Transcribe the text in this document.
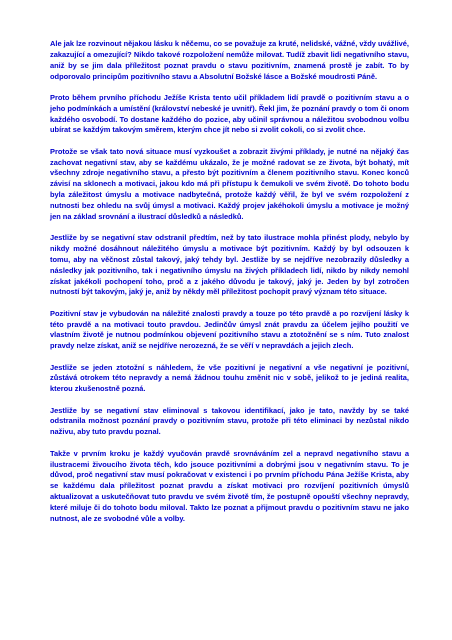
Ale jak lze rozvinout nějakou lásku k něčemu, co se považuje za kruté, nelidské, vážné, vždy uvážlivé, zakazující a omezující? Nikdo takové rozpoložení nemůže milovat. Tudíž zbavit lidi negativního stavu, aniž by se jim dala příležitost poznat pravdu o stavu pozitivním, znamená prostě je zabít. To by odporovalo principům pozitivního stavu a Absolutní Božské lásce a Božské moudrosti Páně.

Proto během prvního příchodu Ježíše Krista tento učil příkladem lidí pravdě o pozitivním stavu a o jeho podmínkách a umístění (království nebeské je uvnitř). Řekl jim, že poznání pravdy o tom či onom každého osvobodí. To dostane každého do pozice, aby učinil správnou a náležitou svobodnou volbu ubírat se každým takovým směrem, kterým chce jít nebo si zvolit cokoli, co si zvolit chce.

Protože se však tato nová situace musí vyzkoušet a zobrazit živými příklady, je nutné na nějaký čas zachovat negativní stav, aby se každému ukázalo, že je možné radovat se ze života, být bohatý, mít všechny zdroje negativního stavu, a přesto být pozitivním a členem pozitivního stavu. Konec konců závisí na sklonech a motivaci, jakou kdo má při přístupu k čemukoli ve svém životě. Do tohoto bodu byla záležitost úmyslu a motivace nadbytečná, protože každý věřil, že byl ve svém rozpoložení z nutnosti bez ohledu na svůj úmysl a motivaci. Každý projev jakéhokoli úmyslu a motivace je možný jen na základ srovnání a ilustrací důsledků a následků.

Jestliže by se negativní stav odstranil předtím, než by tato ilustrace mohla přinést plody, nebylo by nikdy možné dosáhnout náležitého úmyslu a motivace být pozitivním. Každý by byl odsouzen k tomu, aby na věčnost zůstal takový, jaký tehdy byl. Jestliže by se nejdříve nezobrazily důsledky a následky jak pozitivního, tak i negativního úmyslu na živých příkladech lidí, nikdo by nikdy nemohl získat jakékoli pochopení toho, proč a z jakého důvodu je takový, jaký je. Jeden by byl zotročen nutností být takovým, jaký je, aniž by někdy měl příležitost pochopit pravý význam této situace.

Pozitivní stav je vybudován na náležité znalosti pravdy a touze po této pravdě a po rozvíjení lásky k této pravdě a na motivaci touto pravdou. Jedinčův úmysl znát pravdu za účelem jejího použití ve vlastním životě je nutnou podmínkou objevení pozitivního stavu a ztotožnění se s ním. Tuto znalost pravdy nelze získat, aniž se nejdříve nerozezná, že se věří v nepravdách a jejich zlech.

Jestliže se jeden ztotožní s náhledem, že vše pozitivní je negativní a vše negativní je pozitivní, zůstává otrokem této nepravdy a nemá žádnou touhu změnit nic v sobě, jelikož to je jediná realita, kterou zkušenostně pozná.

Jestliže by se negativní stav eliminoval s takovou identifikací, jako je tato, navždy by se také odstranila možnost poznání pravdy o pozitivním stavu, protože při této eliminaci by nezůstal nikdo naživu, aby tuto pravdu poznal.

Takže v prvním kroku je každý vyučován pravdě srovnáváním zel a nepravd negativního stavu a ilustracemi živoucího života těch, kdo jsouce pozitivními a dobrými jsou v negativním stavu. To je důvod, proč negativní stav musí pokračovat v existenci i po prvním příchodu Pána Ježíše Krista, aby se každému dala příležitost poznat pravdu a získat motivaci pro rozvíjení pozitivních úmyslů aktualizovat a uskutečňovat tuto pravdu ve svém životě tím, že postupně opouští všechny nepravdy, které miluje či do tohoto bodu miloval. Takto lze poznat a přijmout pravdu o pozitivním stavu ne jako nutnost, ale ze svobodné vůle a volby.
